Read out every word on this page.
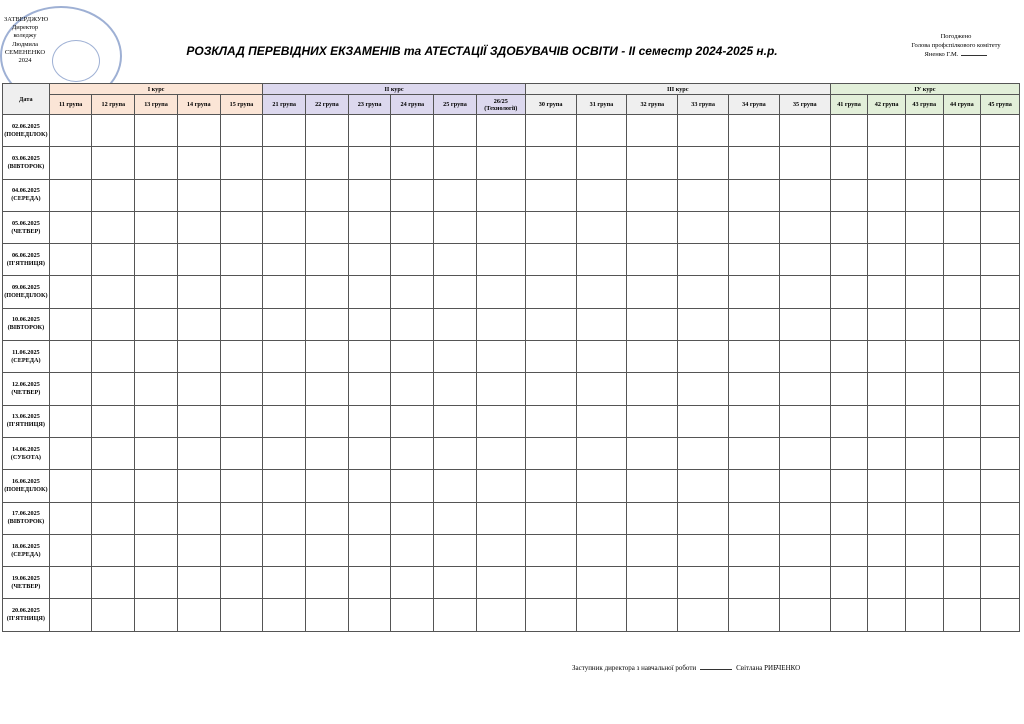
ЗАТВЕРДЖУЮ
Директор
коледжу
Людмила
СЕМЕНЕНКО
2024
Погоджено
Голова профспілкового комітету
Яненко Г.М.
РОЗКЛАД ПЕРЕВІДНИХ ЕКЗАМЕНІВ та АТЕСТАЦІЇ ЗДОБУВАЧІВ ОСВІТИ - II семестр 2024-2025 н.р.
Дата	І курс					ІІ курс						ІІІ курс						ІУ курс				
	11 група	12 група	13 група	14 група	15 група	21 група	22 група	23 група	24 група	25 група	26/25 (Технології)	30 група	31 група	32 група	33 група	34 група	35 група	41 група	42 група	43 група	44 група	45 група

02.06.2025
(ПОНЕДІЛОК)																						

03.06.2025
(ВІВТОРОК)																						

04.06.2025
(СЕРЕДА)																						

05.06.2025
(ЧЕТВЕР)																						

06.06.2025
(П'ЯТНИЦЯ)																						

09.06.2025
(ПОНЕДІЛОК)																						

10.06.2025
(ВІВТОРОК)																						

11.06.2025
(СЕРЕДА)																						

12.06.2025
(ЧЕТВЕР)																						

13.06.2025
(П'ЯТНИЦЯ)																						

14.06.2025
(СУБОТА)																						

16.06.2025
(ПОНЕДІЛОК)																						

17.06.2025
(ВІВТОРОК)																						

18.06.2025
(СЕРЕДА)																						

19.06.2025
(ЧЕТВЕР)																						

20.06.2025
(П'ЯТНИЦЯ)																						

Заступник директора з навчальної роботи	Світлана РИБЧЕНКО
